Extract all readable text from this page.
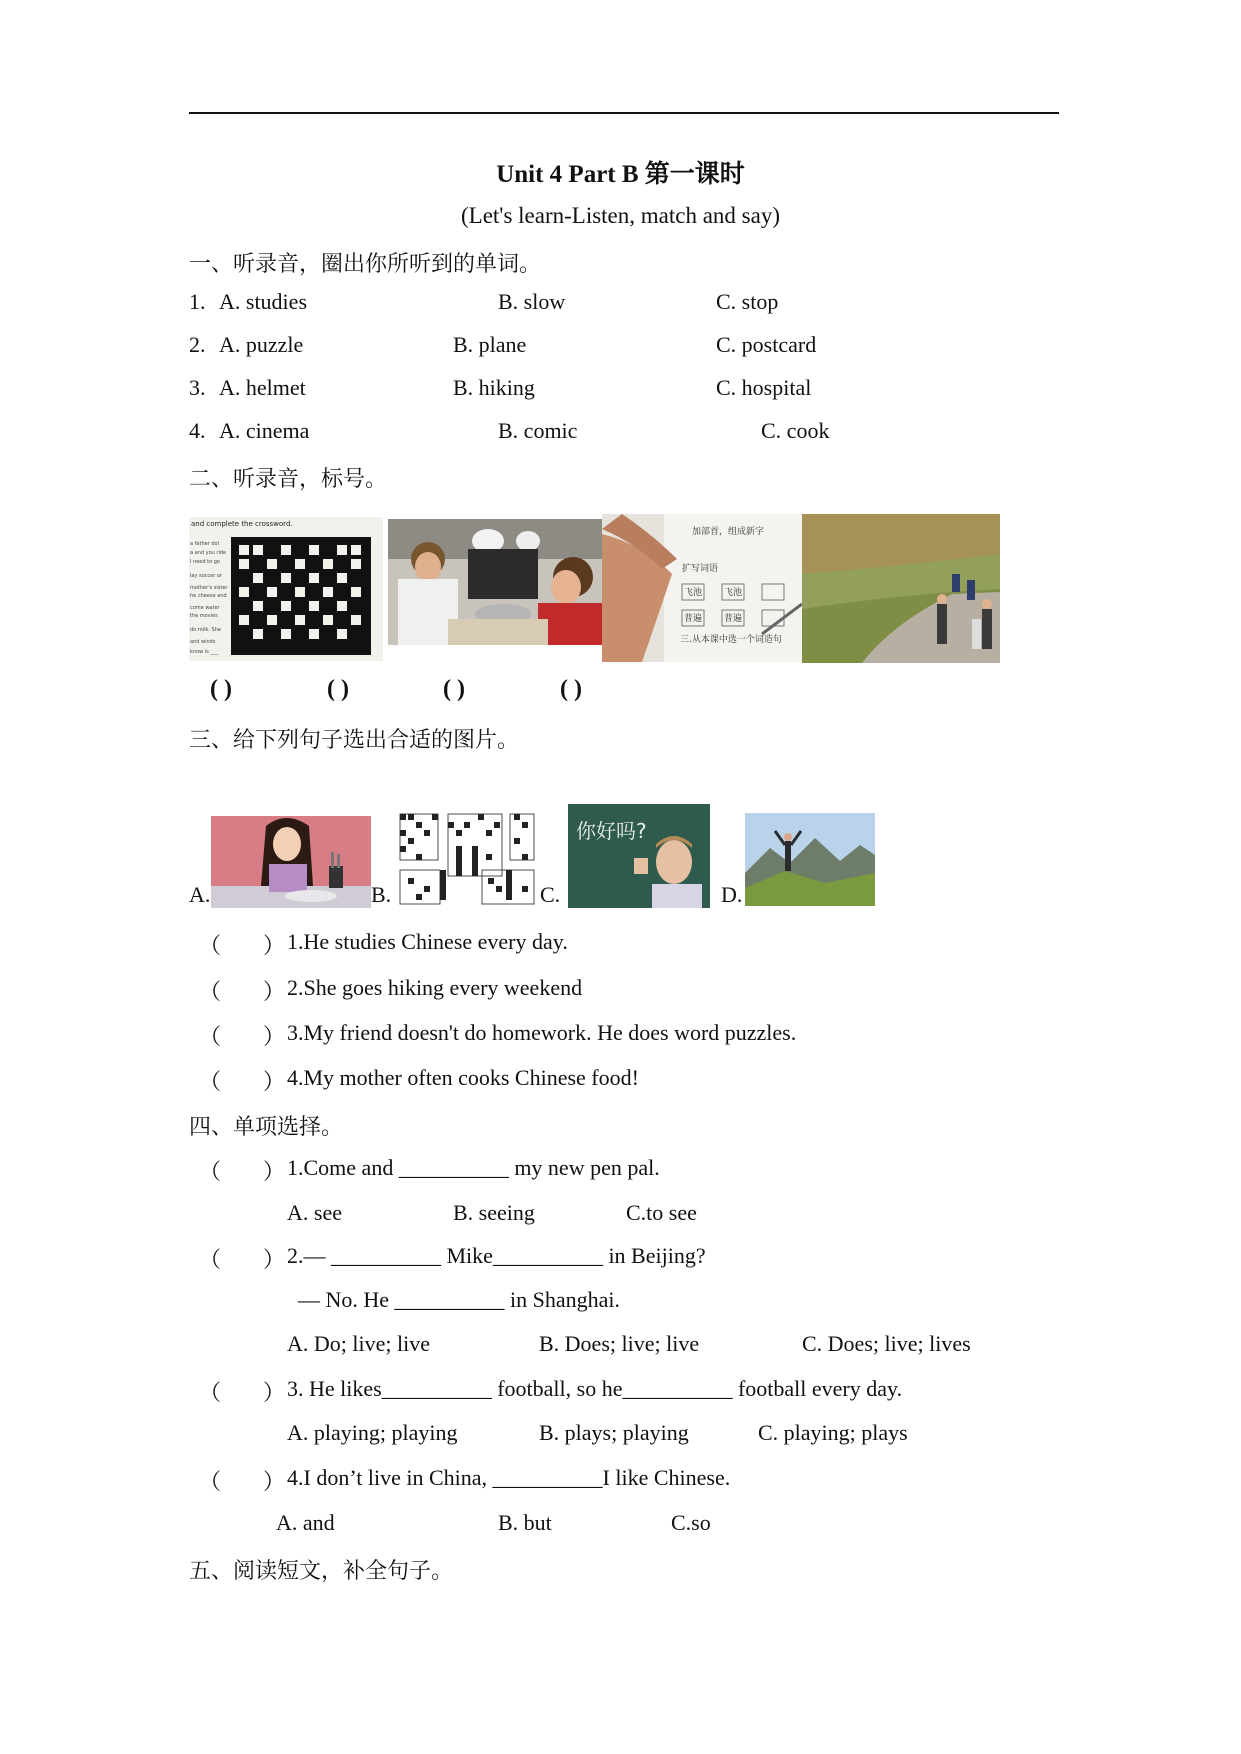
Unit 4 Part B 第一课时
(Let's learn-Listen, match and say)
一、听录音，圈出你所听到的单词。
1. A. studies	B. slow	C. stop
2. A. puzzle	B. plane	C. postcard
3. A. helmet	B. hiking	C. hospital
4. A. cinema	B. comic	C. cook
二、听录音，标号。
and complete the crossword.
a father dol
a and you ride
I need to go
lay soccer or
mother's sister
he cheese and
come water
the movies
do milk. She
and winds
know is ___
飞池 飞池
普遍 普遍
加部首，组成新字
扩写词语
三.从本课中选一个词造句
( )	( )	( )	( )
三、给下列句子选出合适的图片。
A.	B.	C.
你好吗?
D.
（ ） 1.He studies Chinese every day.
（ ） 2.She goes hiking every weekend
（ ） 3.My friend doesn't do homework. He does word puzzles.
（ ） 4.My mother often cooks Chinese food!
四、单项选择。
（ ） 1.Come and __________ my new pen pal.
A. see	B. seeing	C.to see
（ ） 2.— __________ Mike__________ in Beijing?
— No. He __________ in Shanghai.
A. Do; live; live	B. Does; live; live	C. Does; live; lives
（ ） 3. He likes__________ football, so he__________ football every day.
A. playing; playing	B. plays; playing	C. playing; plays
（ ） 4.I don’t live in China, __________I like Chinese.
A. and	B. but	C.so
五、阅读短文，补全句子。
